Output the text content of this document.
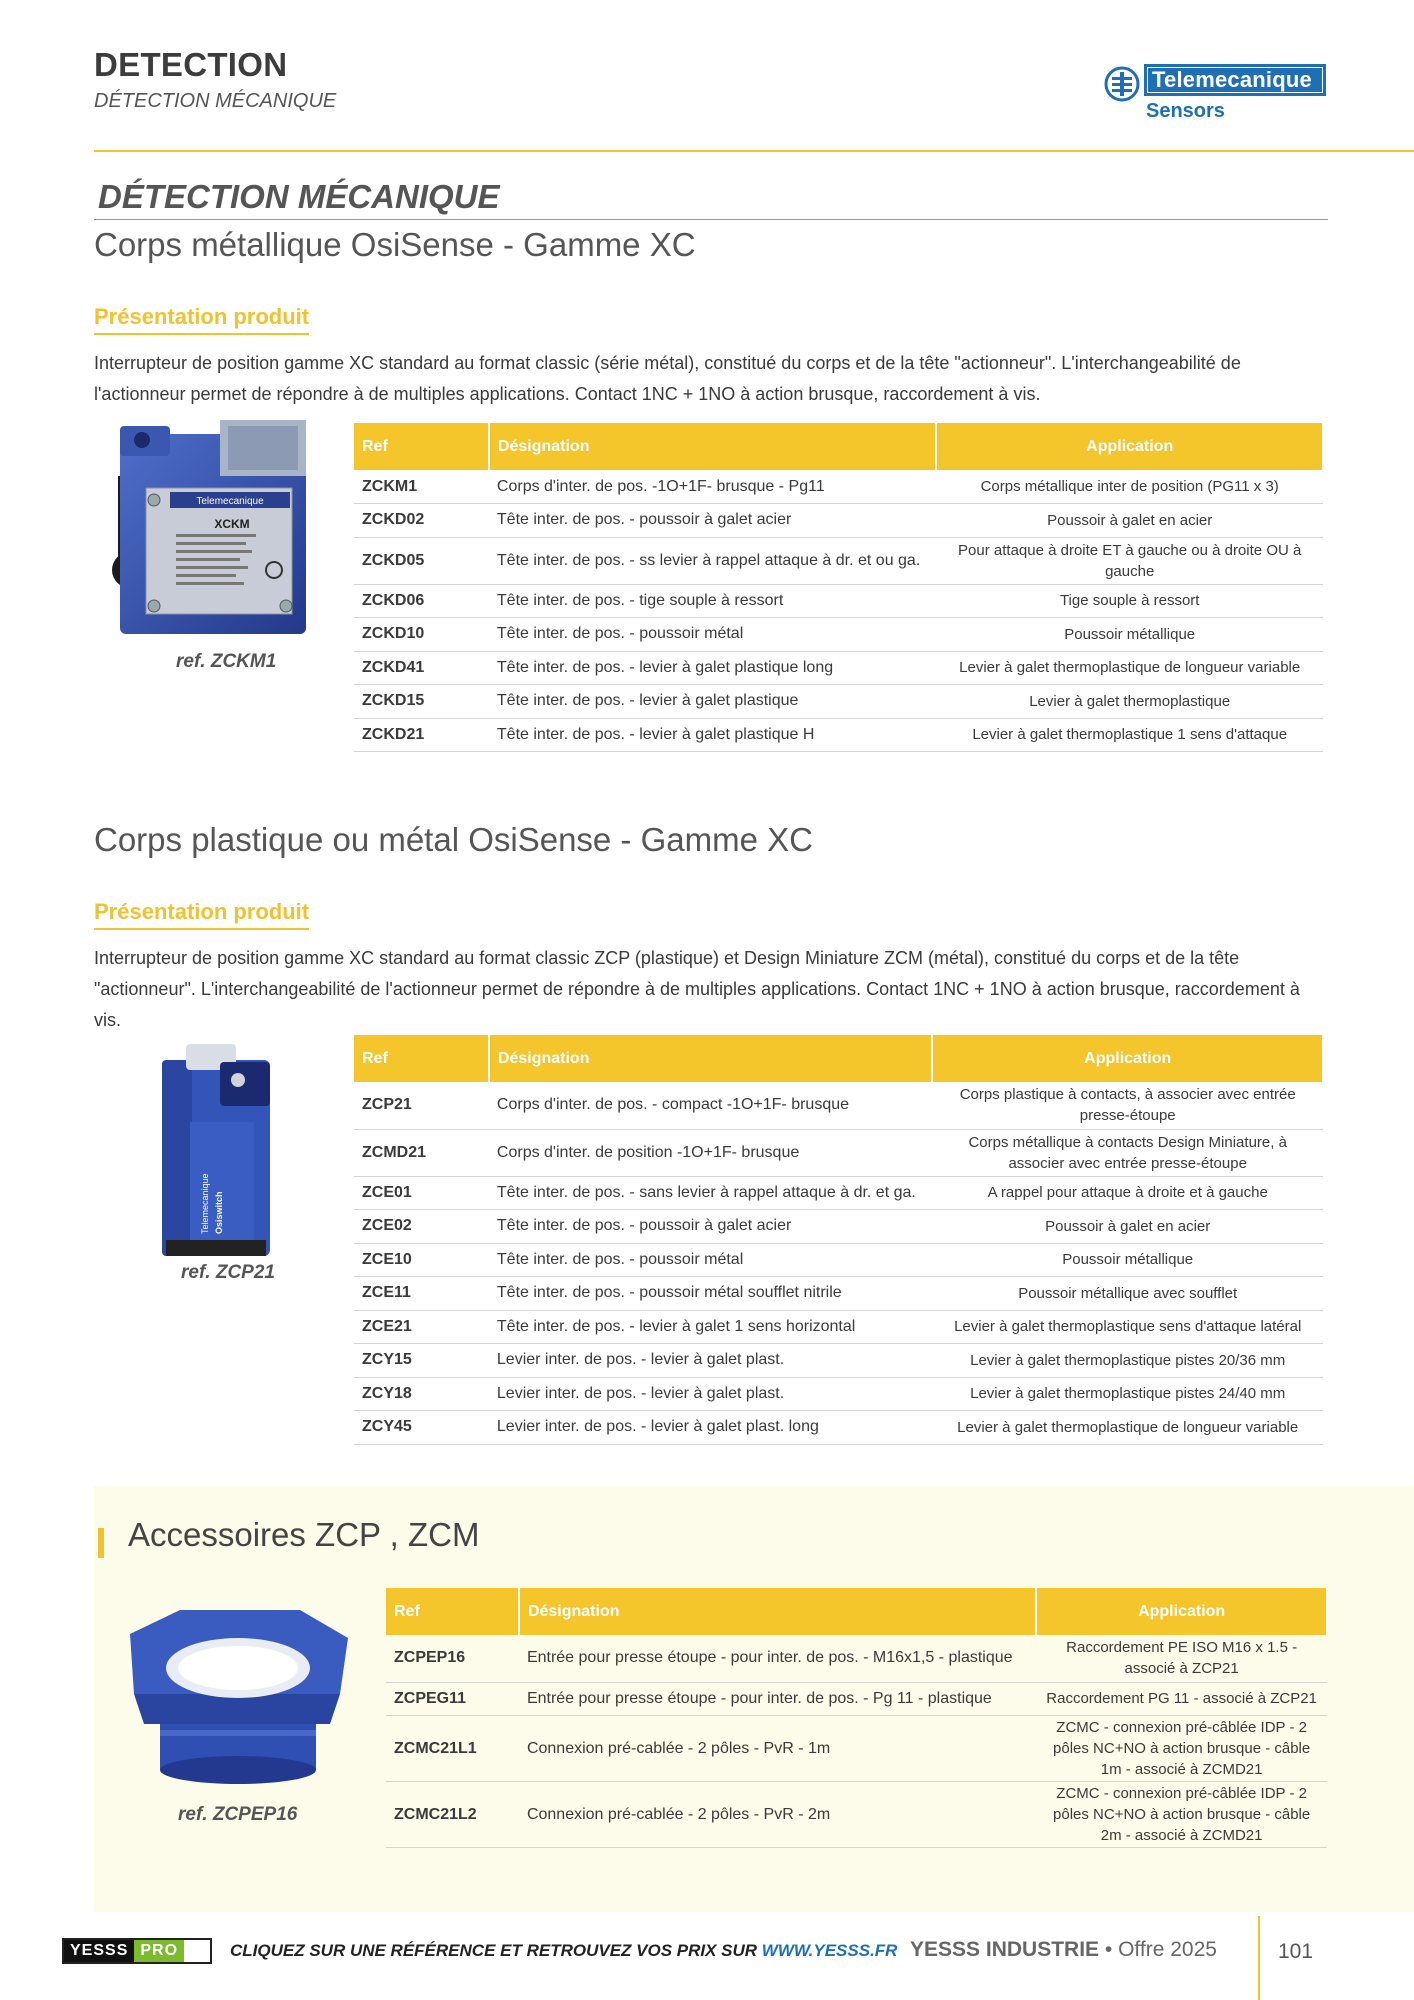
DETECTION
DÉTECTION MÉCANIQUE
Telemecanique
Sensors
DÉTECTION MÉCANIQUE
Corps métallique OsiSense - Gamme XC
Présentation produit
Interrupteur de position gamme XC standard au format classic (série métal), constitué du corps et de la tête "actionneur". L'interchangeabilité de l'actionneur permet de répondre à de multiples applications. Contact 1NC + 1NO à action brusque, raccordement à vis.
Telemecanique
XCKM
ref. ZCKM1
Ref	Désignation	Application
ZCKM1	Corps d'inter. de pos. -1O+1F- brusque - Pg11	Corps métallique inter de position (PG11 x 3)
ZCKD02	Tête inter. de pos. - poussoir à galet acier	Poussoir à galet en acier
ZCKD05	Tête inter. de pos. - ss levier à rappel attaque à dr. et ou ga.	Pour attaque à droite ET à gauche ou à droite OU à gauche
ZCKD06	Tête inter. de pos. - tige souple à ressort	Tige souple à ressort
ZCKD10	Tête inter. de pos. - poussoir métal	Poussoir métallique
ZCKD41	Tête inter. de pos. - levier à galet plastique long	Levier à galet thermoplastique de longueur variable
ZCKD15	Tête inter. de pos. - levier à galet plastique	Levier à galet thermoplastique
ZCKD21	Tête inter. de pos. - levier à galet plastique H	Levier à galet thermoplastique 1 sens d'attaque
Corps plastique ou métal OsiSense - Gamme XC
Présentation produit
Interrupteur de position gamme XC standard au format classic ZCP (plastique) et Design Miniature ZCM (métal), constitué du corps et de la tête "actionneur". L'interchangeabilité de l'actionneur permet de répondre à de multiples applications. Contact 1NC + 1NO à action brusque, raccordement à vis.
Telemecanique Osiswitch
ref. ZCP21
Ref	Désignation	Application
ZCP21	Corps d'inter. de pos. - compact -1O+1F- brusque	Corps plastique à contacts, à associer avec entrée presse-étoupe
ZCMD21	Corps d'inter. de position -1O+1F- brusque	Corps métallique à contacts Design Miniature, à associer avec entrée presse-étoupe
ZCE01	Tête inter. de pos. - sans levier à rappel attaque à dr. et ga.	A rappel pour attaque à droite et à gauche
ZCE02	Tête inter. de pos. - poussoir à galet acier	Poussoir à galet en acier
ZCE10	Tête inter. de pos. - poussoir métal	Poussoir métallique
ZCE11	Tête inter. de pos. - poussoir métal soufflet nitrile	Poussoir métallique avec soufflet
ZCE21	Tête inter. de pos. - levier à galet 1 sens horizontal	Levier à galet thermoplastique sens d'attaque latéral
ZCY15	Levier inter. de pos. - levier à galet plast.	Levier à galet thermoplastique pistes 20/36 mm
ZCY18	Levier inter. de pos. - levier à galet plast.	Levier à galet thermoplastique pistes 24/40 mm
ZCY45	Levier inter. de pos. - levier à galet plast. long	Levier à galet thermoplastique de longueur variable
Accessoires ZCP , ZCM
ref. ZCPEP16
Ref	Désignation	Application
ZCPEP16	Entrée pour presse étoupe - pour inter. de pos. - M16x1,5 - plastique	Raccordement PE ISO M16 x 1.5 - associé à ZCP21
ZCPEG11	Entrée pour presse étoupe - pour inter. de pos. - Pg 11 - plastique	Raccordement PG 11 - associé à ZCP21
ZCMC21L1	Connexion pré-cablée - 2 pôles - PvR - 1m	ZCMC - connexion pré-câblée IDP - 2 pôles NC+NO à action brusque - câble 1m - associé à ZCMD21
ZCMC21L2	Connexion pré-cablée - 2 pôles - PvR - 2m	ZCMC - connexion pré-câblée IDP - 2 pôles NC+NO à action brusque - câble 2m - associé à ZCMD21
YESSS PRO	CLIQUEZ SUR UNE RÉFÉRENCE ET RETROUVEZ VOS PRIX SUR WWW.YESSS.FR YESSS INDUSTRIE • Offre 2025	101
